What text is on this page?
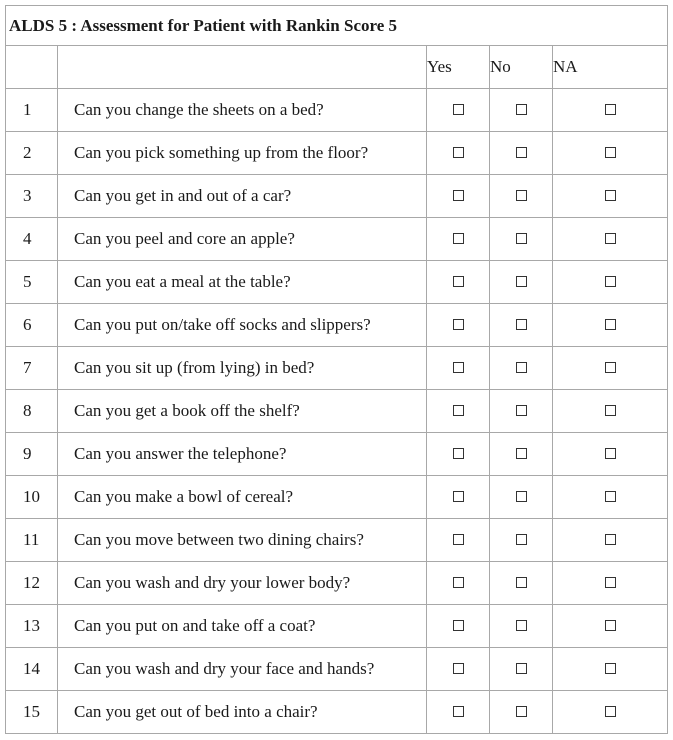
ALDS 5 : Assessment for Patient with Rankin Score 5				
		Yes	No	NA
1	Can you change the sheets on a bed?			
2	Can you pick something up from the floor?			
3	Can you get in and out of a car?			
4	Can you peel and core an apple?			
5	Can you eat a meal at the table?			
6	Can you put on/take off socks and slippers?			
7	Can you sit up (from lying) in bed?			
8	Can you get a book off the shelf?			
9	Can you answer the telephone?			
10	Can you make a bowl of cereal?			
11	Can you move between two dining chairs?			
12	Can you wash and dry your lower body?			
13	Can you put on and take off a coat?			
14	Can you wash and dry your face and hands?			
15	Can you get out of bed into a chair?			
